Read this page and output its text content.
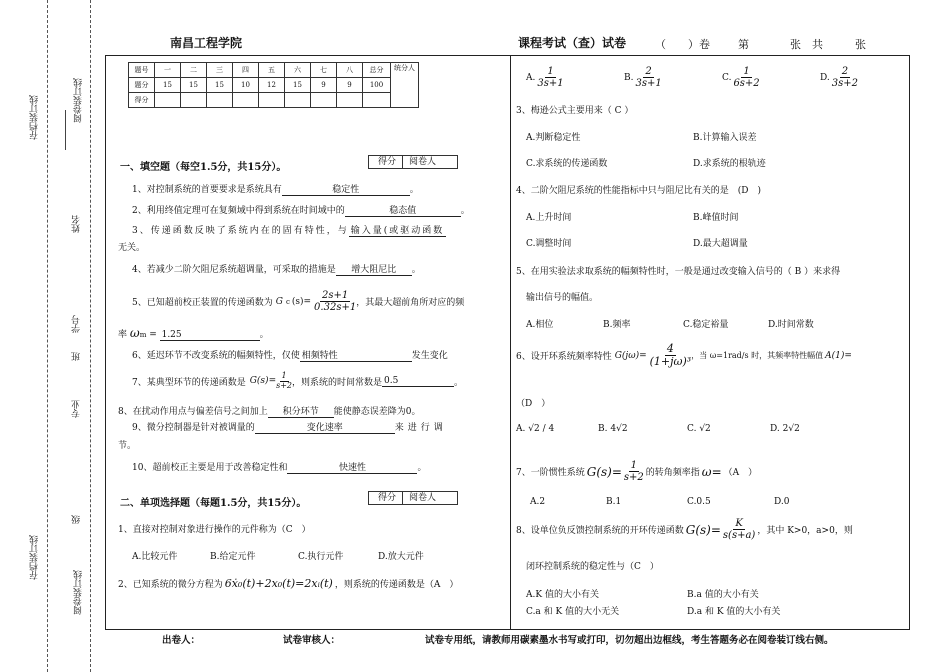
存档装订线	阅卷装订线
姓名
学号
班
专业
存档装订线
级
阅卷装订线
南昌工程学院	课程考试（查）试卷	（　　）卷	第	张 共	张
题号	一	二	三	四	五	六	七	八	总分	统分人
题分	15	15	15	10	12	15	9	9	100	
得分										
一、填空题（每空1.5分，共15分）。	得分	阅卷人
1、对控制系统的首要要求是系统具有	稳定性	。
2、利用终值定理可在复频域中得到系统在时间域中的	稳态值	。
3、传递函数反映了系统内在的固有特性，与 输入量(或驱动函数
无关。
4、若减少二阶欠阻尼系统超调量，可采取的措施是 增大阻尼比 。
5、已知超前校正装置的传递函数为 G c $(s)= \frac{2s+1}{0.32s+1}$ ，其最大超前角所对应的频
率 ωm = 1.25	。
6、延迟环节不改变系统的幅频特性，仅使 相频特性	发生变化
7、某典型环节的传递函数是 $G(s)= \frac{1}{s+2}$ ，则系统的时间常数是 0.5	。
8、在扰动作用点与偏差信号之间加上 积分环节 能使静态误差降为0。
9、微分控制器是针对被调量的	变化速率	来进行调
节。
10、超前校正主要是用于改善稳定性和	快速性	。
二、单项选择题（每题1.5分，共15分）。	得分	阅卷人
1、直接对控制对象进行操作的元件称为（C　）
A.比较元件	B.给定元件	C.执行元件	D.放大元件
2、已知系统的微分方程为 6ẋ₀(t)+2x₀(t)=2xᵢ(t) ，则系统的传递函数是（A　）
A. $\frac{1}{3s+1}$	B. $\frac{2}{3s+1}$	C. $\frac{1}{6s+2}$	D. $\frac{2}{3s+2}$
3、梅逊公式主要用来（ C ）
A.判断稳定性	B.计算输入误差
C.求系统的传递函数	D.求系统的根轨迹
4、二阶欠阻尼系统的性能指标中只与阻尼比有关的是　(D　)
A.上升时间	B.峰值时间
C.调整时间	D.最大超调量
5、在用实验法求取系统的幅频特性时，一般是通过改变输入信号的（ B ）来求得
输出信号的幅值。
A.相位	B.频率	C.稳定裕量	D.时间常数
6、设开环系统频率特性 $G(j\omega)= \frac{4}{\text{(1+jω)³}}$ ，当 ω=1rad/s 时，其频率特性幅值 A(1)=
（D　）
A. √2 / 4	B. 4√2	C. √2	D. 2√2
7、一阶惯性系统 $G(s)= \frac{1}{s+2}$ 的转角频率指 ω= （A　）
A.2	B.1	C.0.5	D.0
8、设单位负反馈控制系统的开环传递函数 $G(s)= \frac{K}{s(s+a)}$ ，其中 K>0，a>0，则
闭环控制系统的稳定性与（C　）
A.K 值的大小有关	B.a 值的大小有关
C.a 和 K 值的大小无关	D.a 和 K 值的大小有关
出卷人：	试卷审核人：	试卷专用纸，请教师用碳素墨水书写或打印，切勿超出边框线，考生答题务必在阅卷装订线右侧。
